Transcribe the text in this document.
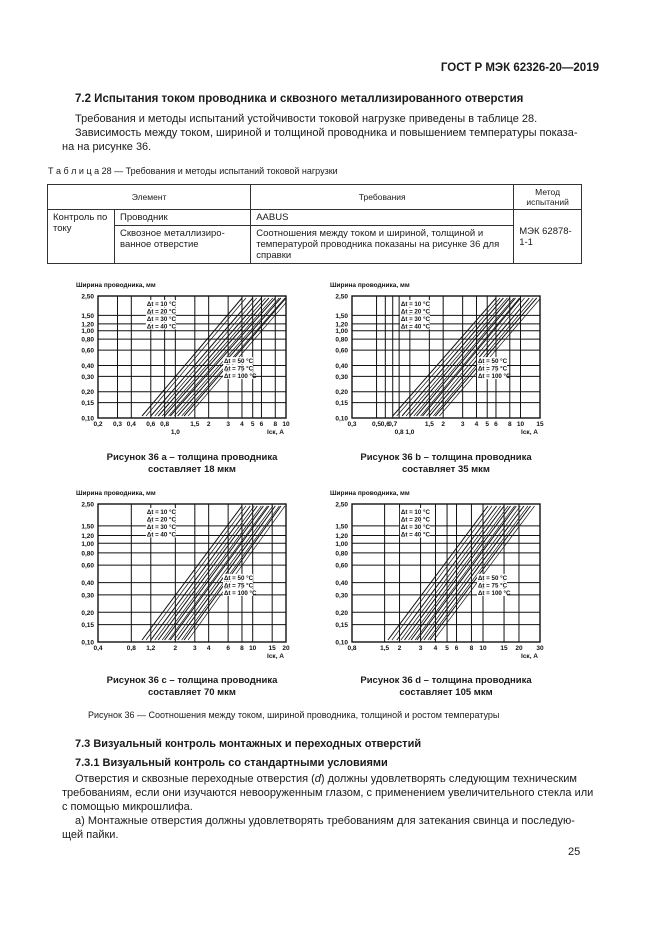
ГОСТ Р МЭК 62326-20—2019
7.2 Испытания током проводника и сквозного металлизированного отверстия
Требования и методы испытаний устойчивости токовой нагрузке приведены в таблице 28.
Зависимость между током, шириной и толщиной проводника и повышением температуры показа-
на на рисунке 36.
Т а б л и ц а 28 — Требования и методы испытаний токовой нагрузки
Элемент		Требования	Метод испытаний
Контроль по току	Проводник	AABUS	МЭК 62878-1-1
	Сквозное металлизиро-ванное отверстие	Соотношения между током и шириной, толщиной и температурой проводника показаны на рисунке 36 для справки	
Ширина проводника, мм
2,50
1,50
1,20
1,00
0,80
0,60
0,40
0,30
0,20
0,15
0,10
0,2 0,3 0,4 0,6 0,8	1,5 2 3 4 5 6 8 10
1,0	Iск, А
Δt = 10 °C
Δt = 20 °C
Δt = 30 °C
Δt = 40 °C
Δt = 50 °C
Δt = 75 °C
Δt = 100 °C
Ширина проводника, мм
2,50
1,50
1,20
1,00
0,80
0,60
0,40
0,30
0,20
0,15
0,10
0,3 0,5 0,6
0,7	1,5 2 3 4 5 6 8 10 15
0,8 1,0	Iск, А
Δt = 10 °C
Δt = 20 °C
Δt = 30 °C
Δt = 40 °C
Δt = 50 °C
Δt = 75 °C
Δt = 100 °C
Ширина проводника, мм
2,50
1,50
1,20
1,00
0,80
0,60
0,40
0,30
0,20
0,15
0,10
0,4	0,8 1,2	2 3 4 6 8 10 15 20
Iск, А
Δt = 10 °C
Δt = 20 °C
Δt = 30 °C
Δt = 40 °C
Δt = 50 °C
Δt = 75 °C
Δt = 100 °C
Ширина проводника, мм
2,50
1,50
1,20
1,00
0,80
0,60
0,40
0,30
0,20
0,15
0,10
0,8	1,5 2	3 4 5 6 8 10 15 20 30
Iск, А
Δt = 10 °C
Δt = 20 °C
Δt = 30 °C
Δt = 40 °C
Δt = 50 °C
Δt = 75 °C
Δt = 100 °C
Рисунок 36 a – толщина проводника составляет 18 мкм
Рисунок 36 b – толщина проводника составляет 35 мкм
Рисунок 36 c – толщина проводника составляет 70 мкм
Рисунок 36 d – толщина проводника составляет 105 мкм
Рисунок 36 — Соотношения между током, шириной проводника, толщиной и ростом температуры
7.3 Визуальный контроль монтажных и переходных отверстий
7.3.1 Визуальный контроль со стандартными условиями
Отверстия и сквозные переходные отверстия (d) должны удовлетворять следующим техническим
требованиям, если они изучаются невооруженным глазом, с применением увеличительного стекла или
с помощью микрошлифа.
а) Монтажные отверстия должны удовлетворять требованиям для затекания свинца и последую-
щей пайки.
25
